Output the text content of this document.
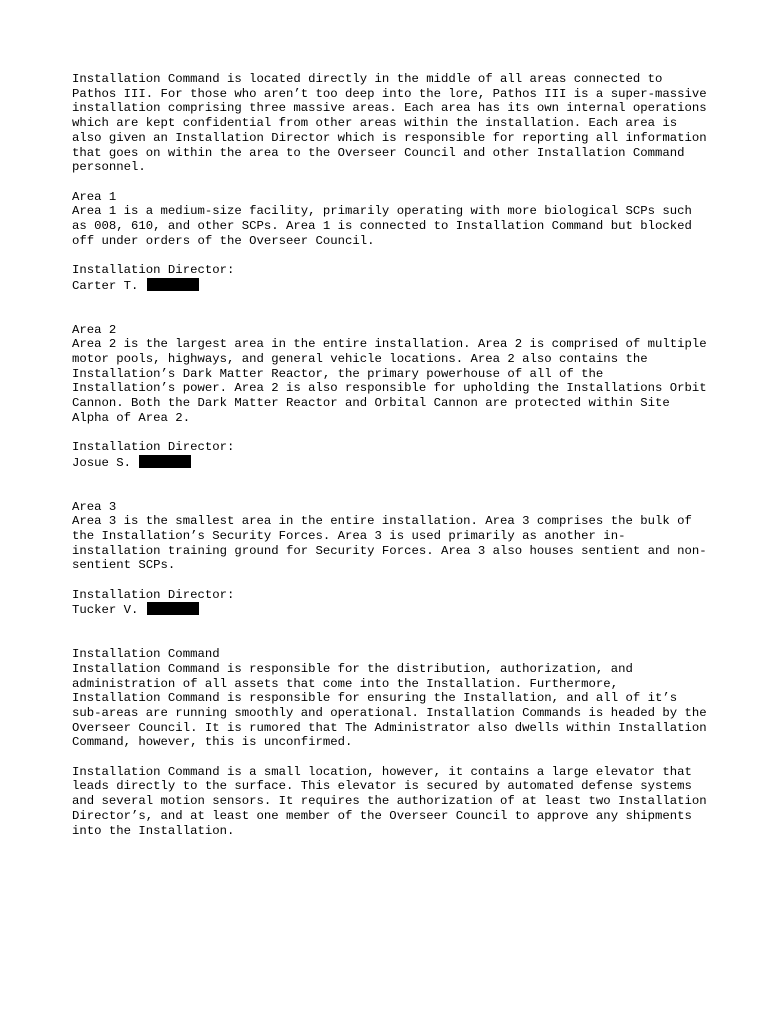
Installation Command is located directly in the middle of all areas connected to Pathos III. For those who aren’t too deep into the lore, Pathos III is a super-massive installation comprising three massive areas. Each area has its own internal operations which are kept confidential from other areas within the installation. Each area is also given an Installation Director which is responsible for reporting all information that goes on within the area to the Overseer Council and other Installation Command personnel.

Area 1

Area 1 is a medium-size facility, primarily operating with more biological SCPs such as 008, 610, and other SCPs. Area 1 is connected to Installation Command but blocked off under orders of the Overseer Council.

Installation Director:

Carter T.

Area 2

Area 2 is the largest area in the entire installation. Area 2 is comprised of multiple motor pools, highways, and general vehicle locations. Area 2 also contains the Installation’s Dark Matter Reactor, the primary powerhouse of all of the Installation’s power. Area 2 is also responsible for upholding the Installations Orbit Cannon. Both the Dark Matter Reactor and Orbital Cannon are protected within Site Alpha of Area 2.

Installation Director:

Josue S.

Area 3

Area 3 is the smallest area in the entire installation. Area 3 comprises the bulk of the Installation’s Security Forces. Area 3 is used primarily as another in-installation training ground for Security Forces. Area 3 also houses sentient and non-sentient SCPs.

Installation Director:

Tucker V.

Installation Command

Installation Command is responsible for the distribution, authorization, and administration of all assets that come into the Installation. Furthermore, Installation Command is responsible for ensuring the Installation, and all of it’s sub-areas are running smoothly and operational. Installation Commands is headed by the Overseer Council. It is rumored that The Administrator also dwells within Installation Command, however, this is unconfirmed.

Installation Command is a small location, however, it contains a large elevator that leads directly to the surface. This elevator is secured by automated defense systems and several motion sensors. It requires the authorization of at least two Installation Director’s, and at least one member of the Overseer Council to approve any shipments into the Installation.
